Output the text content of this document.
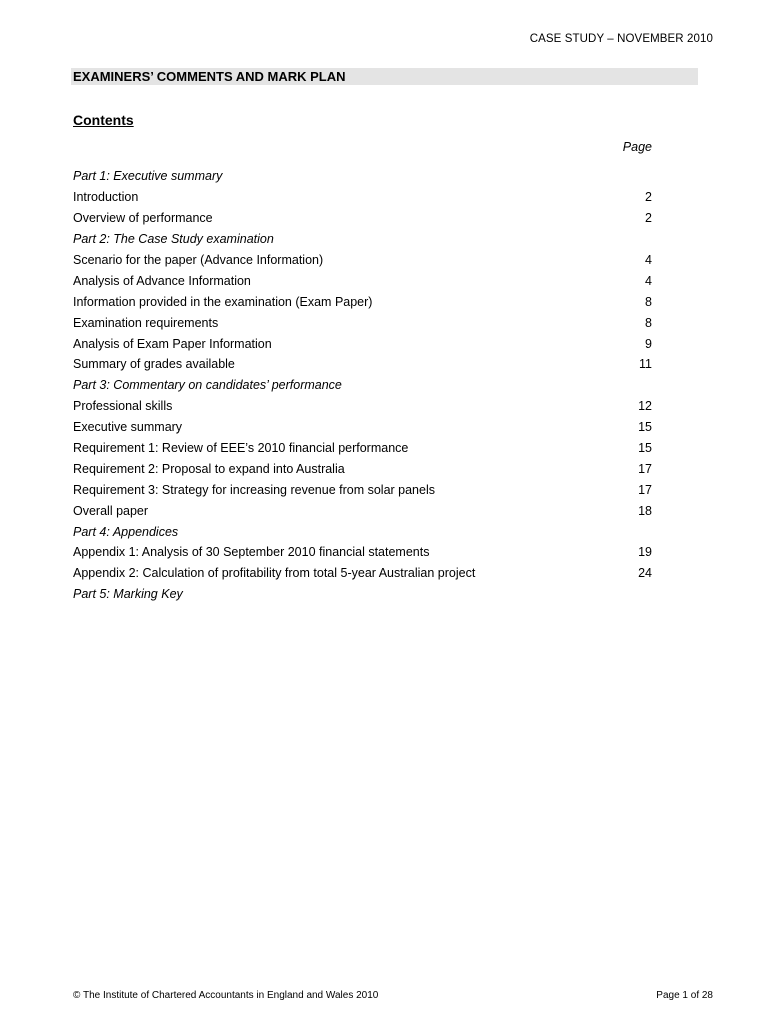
CASE STUDY – NOVEMBER 2010
EXAMINERS’ COMMENTS AND MARK PLAN
Contents
Page
Part 1: Executive summary
Introduction	2
Overview of performance	2
Part 2: The Case Study examination
Scenario for the paper (Advance Information)	4
Analysis of Advance Information	4
Information provided in the examination (Exam Paper)	8
Examination requirements	8
Analysis of Exam Paper Information	9
Summary of grades available	11
Part 3: Commentary on candidates’ performance
Professional skills	12
Executive summary	15
Requirement 1: Review of EEE’s 2010 financial performance	15
Requirement 2: Proposal to expand into Australia	17
Requirement 3: Strategy for increasing revenue from solar panels	17
Overall paper	18
Part 4: Appendices
Appendix 1: Analysis of 30 September 2010 financial statements	19
Appendix 2: Calculation of profitability from total 5-year Australian project	24
Part 5: Marking Key
© The Institute of Chartered Accountants in England and Wales 2010	Page 1 of 28
